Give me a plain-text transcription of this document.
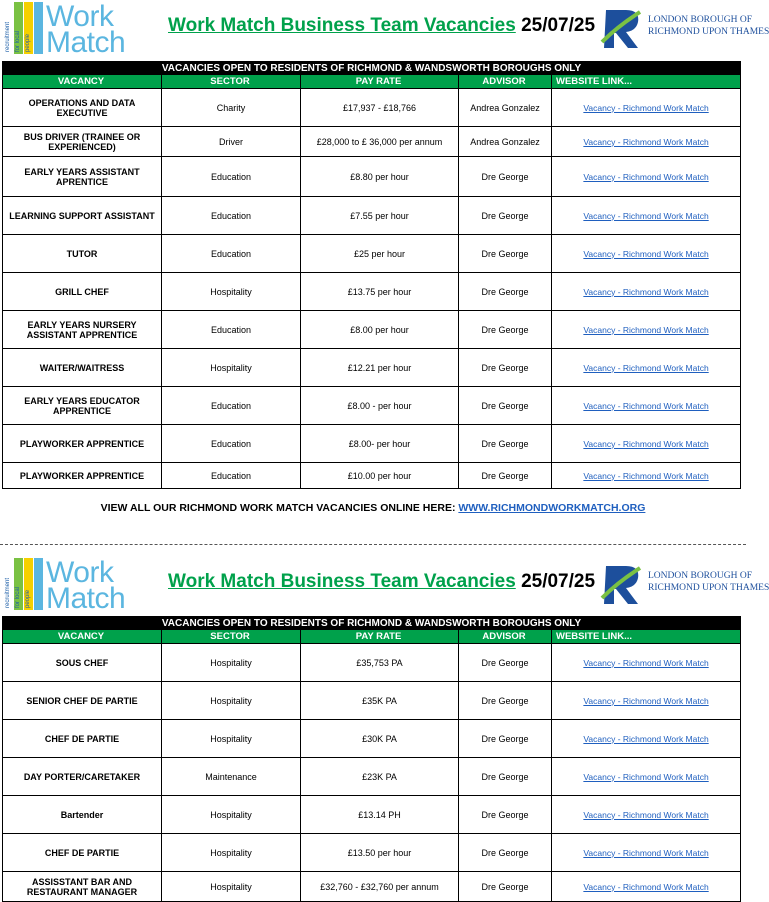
recruitment for local people
Work
Match
Work Match Business Team Vacancies 25/07/25	LONDON BOROUGH OF
RICHMOND UPON THAMES
VACANCIES OPEN TO RESIDENTS OF RICHMOND & WANDSWORTH BOROUGHS ONLY				
VACANCY	SECTOR	PAY RATE	ADVISOR	WEBSITE LINK...
OPERATIONS AND DATA EXECUTIVE	Charity	£17,937 - £18,766	Andrea Gonzalez	Vacancy - Richmond Work Match
BUS DRIVER (TRAINEE OR EXPERIENCED)	Driver	£28,000 to £ 36,000 per annum	Andrea Gonzalez	Vacancy - Richmond Work Match
EARLY YEARS ASSISTANT APRENTICE	Education	£8.80 per hour	Dre George	Vacancy - Richmond Work Match
LEARNING SUPPORT ASSISTANT	Education	£7.55 per hour	Dre George	Vacancy - Richmond Work Match
TUTOR	Education	£25 per hour	Dre George	Vacancy - Richmond Work Match
GRILL CHEF	Hospitality	£13.75 per hour	Dre George	Vacancy - Richmond Work Match
EARLY YEARS NURSERY ASSISTANT APPRENTICE	Education	£8.00 per hour	Dre George	Vacancy - Richmond Work Match
WAITER/WAITRESS	Hospitality	£12.21 per hour	Dre George	Vacancy - Richmond Work Match
EARLY YEARS EDUCATOR APPRENTICE	Education	£8.00 - per hour	Dre George	Vacancy - Richmond Work Match
PLAYWORKER APPRENTICE	Education	£8.00- per hour	Dre George	Vacancy - Richmond Work Match
PLAYWORKER APPRENTICE	Education	£10.00 per hour	Dre George	Vacancy - Richmond Work Match
VIEW ALL OUR RICHMOND WORK MATCH VACANCIES ONLINE HERE: WWW.RICHMONDWORKMATCH.ORG
recruitment for local people
Work
Match
Work Match Business Team Vacancies 25/07/25	LONDON BOROUGH OF
RICHMOND UPON THAMES
VACANCIES OPEN TO RESIDENTS OF RICHMOND & WANDSWORTH BOROUGHS ONLY				
VACANCY	SECTOR	PAY RATE	ADVISOR	WEBSITE LINK...
SOUS CHEF	Hospitality	£35,753 PA	Dre George	Vacancy - Richmond Work Match
SENIOR CHEF DE PARTIE	Hospitality	£35K PA	Dre George	Vacancy - Richmond Work Match
CHEF DE PARTIE	Hospitality	£30K PA	Dre George	Vacancy - Richmond Work Match
DAY PORTER/CARETAKER	Maintenance	£23K PA	Dre George	Vacancy - Richmond Work Match
Bartender	Hospitality	£13.14 PH	Dre George	Vacancy - Richmond Work Match
CHEF DE PARTIE	Hospitality	£13.50 per hour	Dre George	Vacancy - Richmond Work Match
ASSISSTANT BAR AND RESTAURANT MANAGER	Hospitality	£32,760 - £32,760 per annum	Dre George	Vacancy - Richmond Work Match
